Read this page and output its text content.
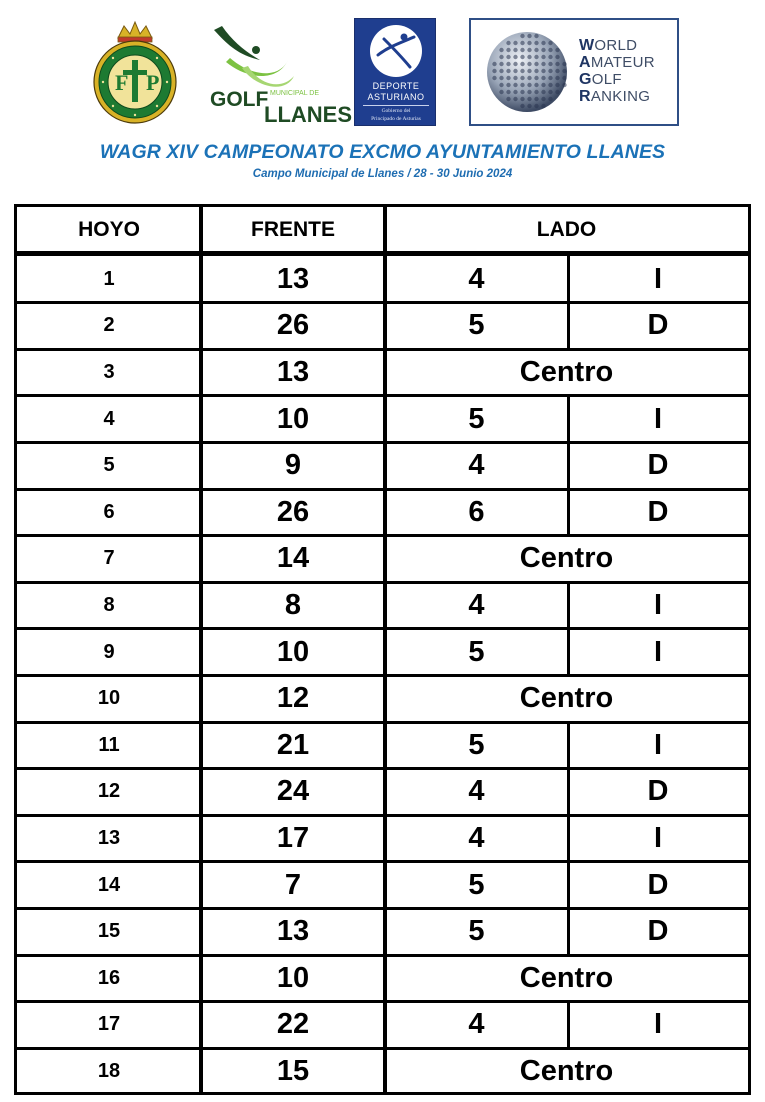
F P
GOLF MUNICIPAL DE
LLANES
DEPORTE
ASTURIANO
Gobierno del
Principado de Asturias
WORLD
AMATEUR
GOLF
RANKING
WAGR XIV CAMPEONATO EXCMO AYUNTAMIENTO LLANES
Campo Municipal de Llanes / 28 - 30 Junio 2024
HOYO	FRENTE	LADO
1	13	4	I
2	26	5	D
3	13	Centro
4	10	5	I
5	9	4	D
6	26	6	D
7	14	Centro
8	8	4	I
9	10	5	I
10	12	Centro
11	21	5	I
12	24	4	D
13	17	4	I
14	7	5	D
15	13	5	D
16	10	Centro
17	22	4	I
18	15	Centro
